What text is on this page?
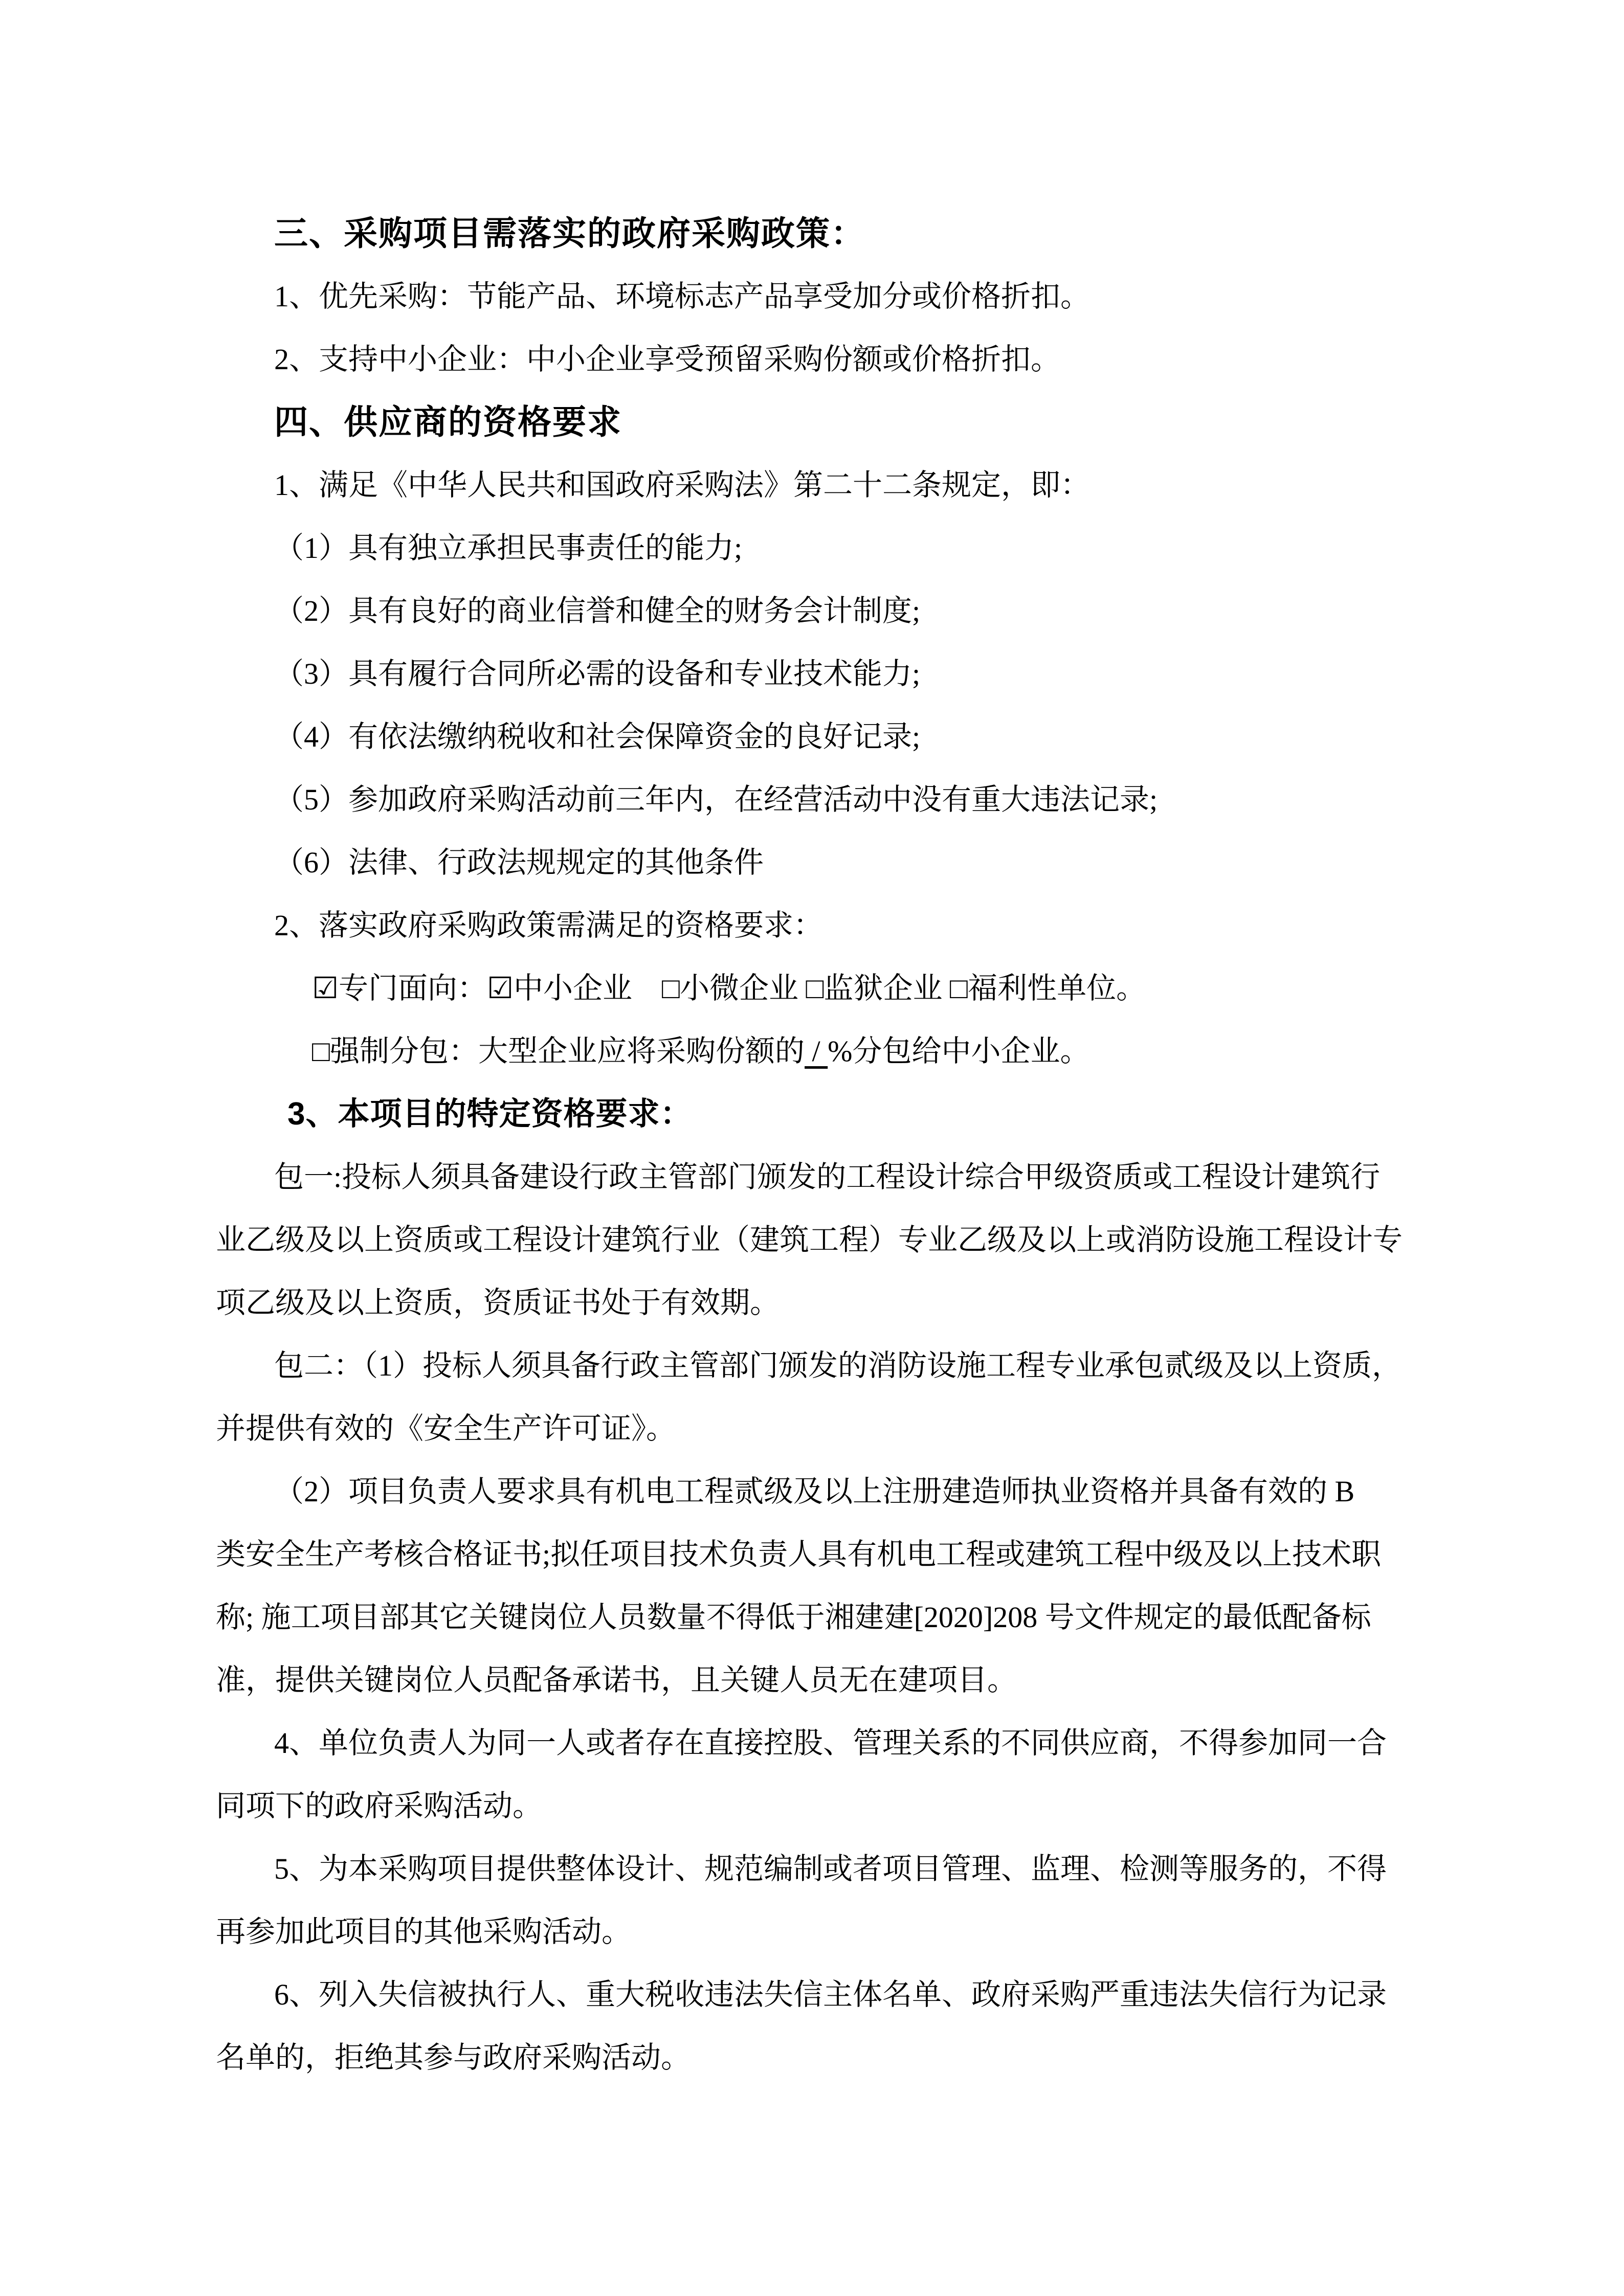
三、采购项目需落实的政府采购政策：
1、优先采购：节能产品、环境标志产品享受加分或价格折扣。
2、支持中小企业：中小企业享受预留采购份额或价格折扣。
四、供应商的资格要求
1、满足《中华人民共和国政府采购法》第二十二条规定，即：
（1）具有独立承担民事责任的能力;
（2）具有良好的商业信誉和健全的财务会计制度;
（3）具有履行合同所必需的设备和专业技术能力;
（4）有依法缴纳税收和社会保障资金的良好记录;
（5）参加政府采购活动前三年内，在经营活动中没有重大违法记录;
（6）法律、行政法规规定的其他条件
2、落实政府采购政策需满足的资格要求：
☑专门面向：☑中小企业　□小微企业 □监狱企业 □福利性单位。
□强制分包：大型企业应将采购份额的 / %分包给中小企业。
3、本项目的特定资格要求：
包一:投标人须具备建设行政主管部门颁发的工程设计综合甲级资质或工程设计建筑行
业乙级及以上资质或工程设计建筑行业（建筑工程）专业乙级及以上或消防设施工程设计专
项乙级及以上资质，资质证书处于有效期。
包二：（1）投标人须具备行政主管部门颁发的消防设施工程专业承包贰级及以上资质，
并提供有效的《安全生产许可证》。
（2）项目负责人要求具有机电工程贰级及以上注册建造师执业资格并具备有效的 B
类安全生产考核合格证书;拟任项目技术负责人具有机电工程或建筑工程中级及以上技术职
称; 施工项目部其它关键岗位人员数量不得低于湘建建[2020]208 号文件规定的最低配备标
准，提供关键岗位人员配备承诺书，且关键人员无在建项目。
4、单位负责人为同一人或者存在直接控股、管理关系的不同供应商，不得参加同一合
同项下的政府采购活动。
5、为本采购项目提供整体设计、规范编制或者项目管理、监理、检测等服务的，不得
再参加此项目的其他采购活动。
6、列入失信被执行人、重大税收违法失信主体名单、政府采购严重违法失信行为记录
名单的，拒绝其参与政府采购活动。
